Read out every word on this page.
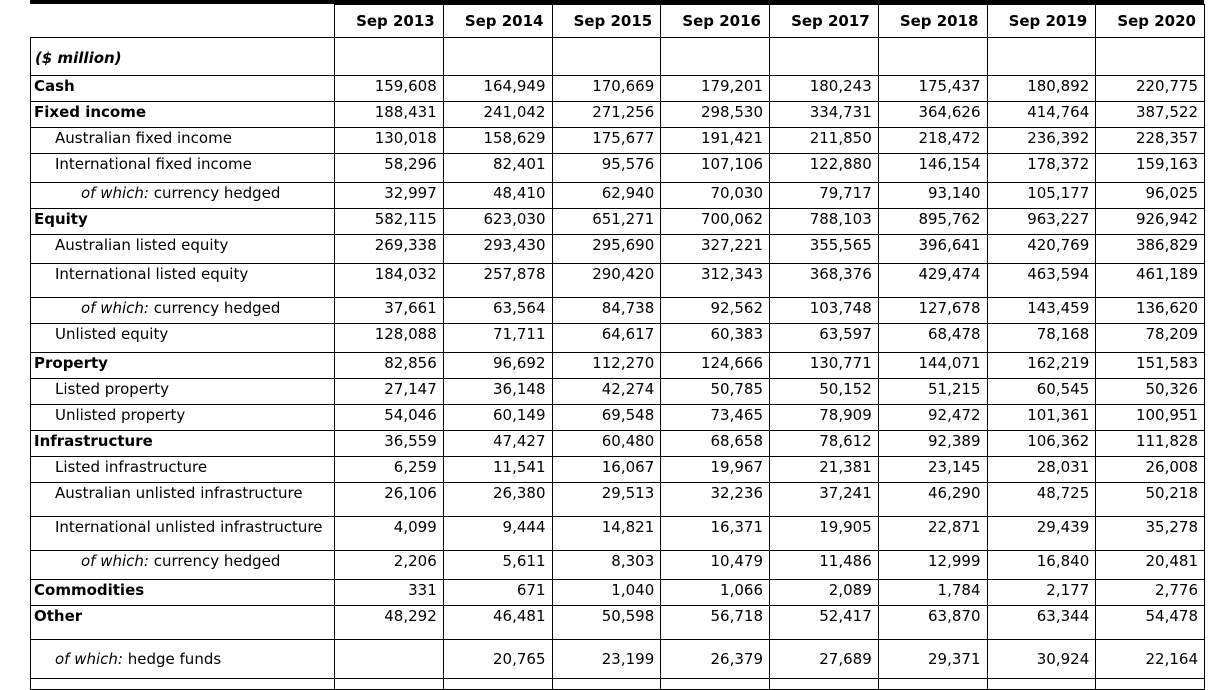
	Sep 2013	Sep 2014	Sep 2015	Sep 2016	Sep 2017	Sep 2018	Sep 2019	Sep 2020
($ million)								
Cash	159,608	164,949	170,669	179,201	180,243	175,437	180,892	220,775
Fixed income	188,431	241,042	271,256	298,530	334,731	364,626	414,764	387,522
Australian fixed income	130,018	158,629	175,677	191,421	211,850	218,472	236,392	228,357
International fixed income	58,296	82,401	95,576	107,106	122,880	146,154	178,372	159,163
of which: currency hedged	32,997	48,410	62,940	70,030	79,717	93,140	105,177	96,025
Equity	582,115	623,030	651,271	700,062	788,103	895,762	963,227	926,942
Australian listed equity	269,338	293,430	295,690	327,221	355,565	396,641	420,769	386,829
International listed equity	184,032	257,878	290,420	312,343	368,376	429,474	463,594	461,189
of which: currency hedged	37,661	63,564	84,738	92,562	103,748	127,678	143,459	136,620
Unlisted equity	128,088	71,711	64,617	60,383	63,597	68,478	78,168	78,209
Property	82,856	96,692	112,270	124,666	130,771	144,071	162,219	151,583
Listed property	27,147	36,148	42,274	50,785	50,152	51,215	60,545	50,326
Unlisted property	54,046	60,149	69,548	73,465	78,909	92,472	101,361	100,951
Infrastructure	36,559	47,427	60,480	68,658	78,612	92,389	106,362	111,828
Listed infrastructure	6,259	11,541	16,067	19,967	21,381	23,145	28,031	26,008
Australian unlisted infrastructure	26,106	26,380	29,513	32,236	37,241	46,290	48,725	50,218
International unlisted infrastructure	4,099	9,444	14,821	16,371	19,905	22,871	29,439	35,278
of which: currency hedged	2,206	5,611	8,303	10,479	11,486	12,999	16,840	20,481
Commodities	331	671	1,040	1,066	2,089	1,784	2,177	2,776
Other	48,292	46,481	50,598	56,718	52,417	63,870	63,344	54,478
of which: hedge funds		20,765	23,199	26,379	27,689	29,371	30,924	22,164
